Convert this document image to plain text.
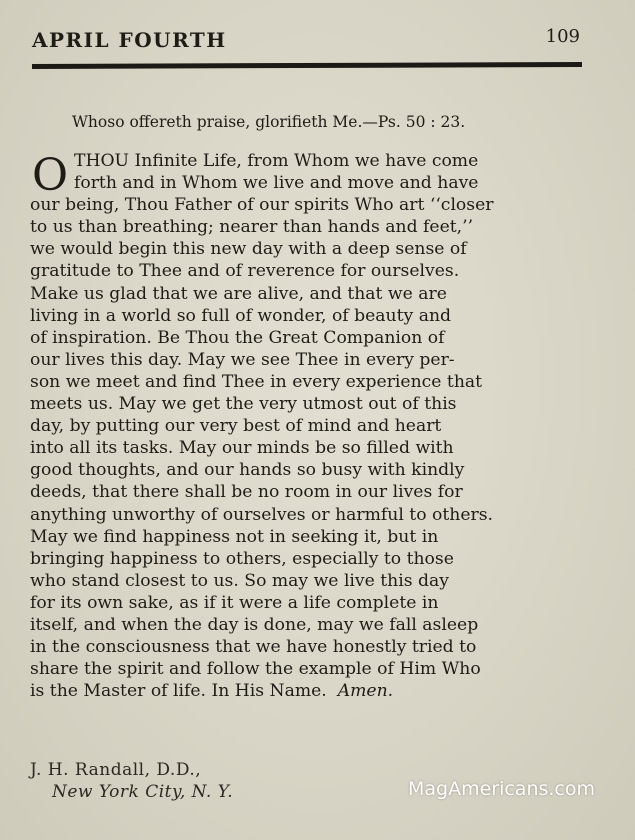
APRIL FOURTH	109
Whoso offereth praise, glorifieth Me.—Ps. 50 : 23.
O THOU Infinite Life, from Whom we have come
forth and in Whom we live and move and have
our being, Thou Father of our spirits Who art ‘‘closer
to us than breathing; nearer than hands and feet,’’
we would begin this new day with a deep sense of
gratitude to Thee and of reverence for ourselves.
Make us glad that we are alive, and that we are
living in a world so full of wonder, of beauty and
of inspiration. Be Thou the Great Companion of
our lives this day. May we see Thee in every per-
son we meet and find Thee in every experience that
meets us. May we get the very utmost out of this
day, by putting our very best of mind and heart
into all its tasks. May our minds be so filled with
good thoughts, and our hands so busy with kindly
deeds, that there shall be no room in our lives for
anything unworthy of ourselves or harmful to others.
May we find happiness not in seeking it, but in
bringing happiness to others, especially to those
who stand closest to us. So may we live this day
for its own sake, as if it were a life complete in
itself, and when the day is done, may we fall asleep
in the consciousness that we have honestly tried to
share the spirit and follow the example of Him Who
is the Master of life. In His Name. Amen.
J. H. Randall, D.D.,
New York City, N. Y.	MagAmericans.com
